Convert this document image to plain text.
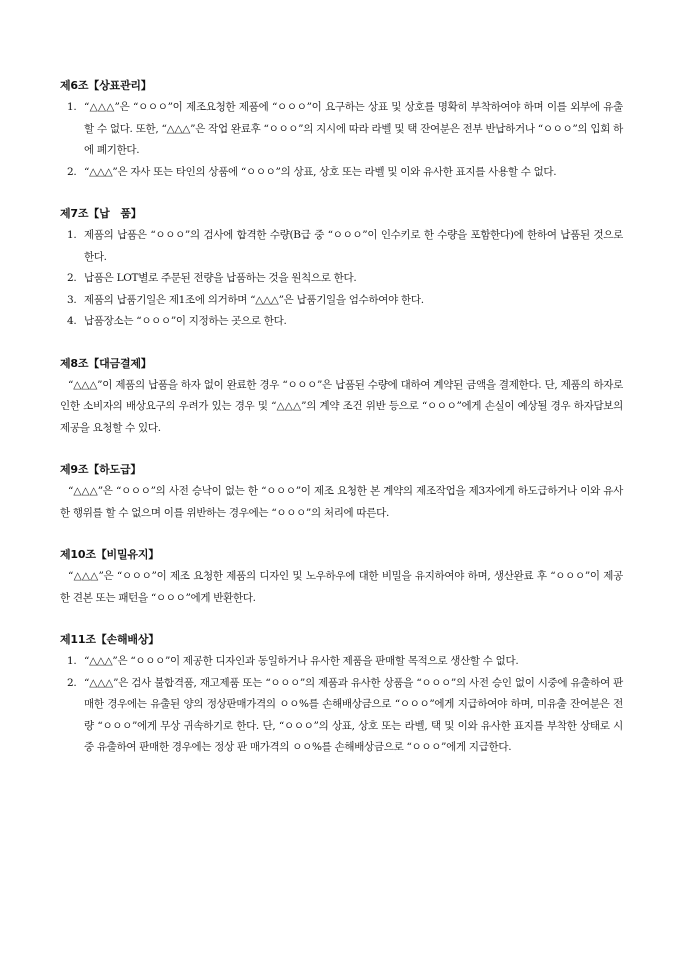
제6조【상표관리】
1. “△△△”은 “ㅇㅇㅇ”이 제조요청한 제품에 “ㅇㅇㅇ”이 요구하는 상표 및 상호를 명확히 부착하여야 하며 이를 외부에 유출할 수 없다. 또한, “△△△”은 작업 완료후 “ㅇㅇㅇ”의 지시에 따라 라벨 및 택 잔여분은 전부 반납하거나 “ㅇㅇㅇ”의 입회 하에 폐기한다.
2. “△△△”은 자사 또는 타인의 상품에 “ㅇㅇㅇ”의 상표, 상호 또는 라벨 및 이와 유사한 표지를 사용할 수 없다.
제7조【납　품】
1. 제품의 납품은 “ㅇㅇㅇ”의 검사에 합격한 수량(B급 중 “ㅇㅇㅇ”이 인수키로 한 수량을 포함한다)에 한하여 납품된 것으로 한다.
2. 납품은 LOT별로 주문된 전량을 납품하는 것을 원칙으로 한다.
3. 제품의 납품기일은 제1조에 의거하며 “△△△”은 납품기일을 엄수하여야 한다.
4. 납품장소는 “ㅇㅇㅇ”이 지정하는 곳으로 한다.
제8조【대금결제】
“△△△”이 제품의 납품을 하자 없이 완료한 경우 “ㅇㅇㅇ”은 납품된 수량에 대하여 계약된 금액을 결제한다. 단, 제품의 하자로 인한 소비자의 배상요구의 우려가 있는 경우 및 “△△△”의 계약 조건 위반 등으로 “ㅇㅇㅇ”에게 손실이 예상될 경우 하자담보의 제공을 요청할 수 있다.
제9조【하도급】
“△△△”은 “ㅇㅇㅇ”의 사전 승낙이 없는 한 “ㅇㅇㅇ”이 제조 요청한 본 계약의 제조작업을 제3자에게 하도급하거나 이와 유사한 행위를 할 수 없으며 이를 위반하는 경우에는 “ㅇㅇㅇ”의 처리에 따른다.
제10조【비밀유지】
“△△△”은 “ㅇㅇㅇ”이 제조 요청한 제품의 디자인 및 노우하우에 대한 비밀을 유지하여야 하며, 생산완료 후 “ㅇㅇㅇ”이 제공한 견본 또는 패턴을 “ㅇㅇㅇ”에게 반환한다.
제11조【손해배상】
1. “△△△”은 “ㅇㅇㅇ”이 제공한 디자인과 동일하거나 유사한 제품을 판매할 목적으로 생산할 수 없다.
2. “△△△”은 검사 불합격품, 재고제품 또는 “ㅇㅇㅇ”의 제품과 유사한 상품을 “ㅇㅇㅇ”의 사전 승인 없이 시중에 유출하여 판매한 경우에는 유출된 양의 정상판매가격의 ㅇㅇ%를 손해배상금으로 “ㅇㅇㅇ”에게 지급하여야 하며, 미유출 잔여분은 전량 “ㅇㅇㅇ”에게 무상 귀속하기로 한다. 단, “ㅇㅇㅇ”의 상표, 상호 또는 라벨, 택 및 이와 유사한 표지를 부착한 상태로 시중 유출하여 판매한 경우에는 정상 판 매가격의 ㅇㅇ%를 손해배상금으로 “ㅇㅇㅇ”에게 지급한다.
